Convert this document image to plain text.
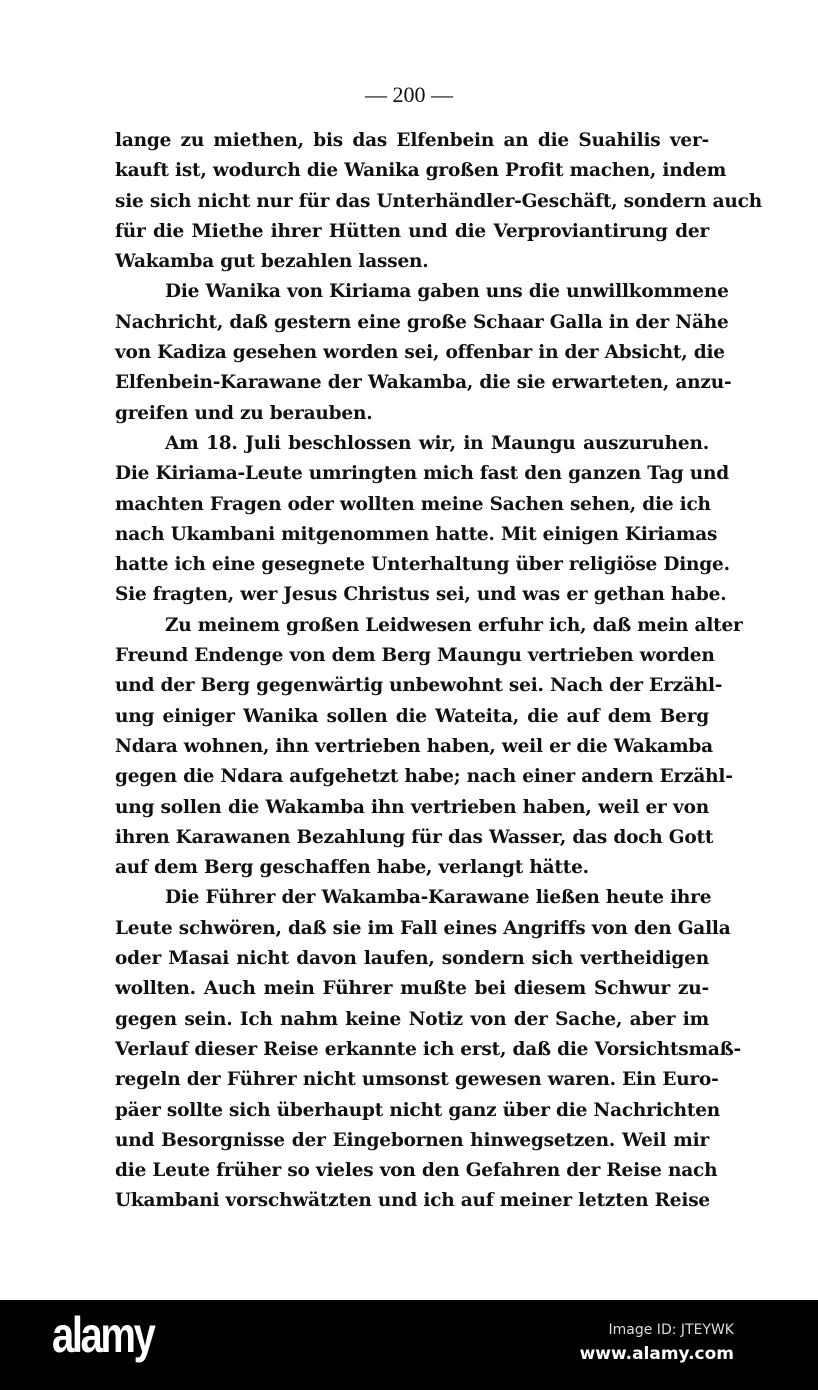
— 200 —
lange zu miethen, bis das Elfenbein an die Suahilis ver-
kauft ist, wodurch die Wanika großen Profit machen, indem
sie sich nicht nur für das Unterhändler-Geschäft, sondern auch
für die Miethe ihrer Hütten und die Verproviantirung der
Wakamba gut bezahlen lassen.
Die Wanika von Kiriama gaben uns die unwillkommene
Nachricht, daß gestern eine große Schaar Galla in der Nähe
von Kadiza gesehen worden sei, offenbar in der Absicht, die
Elfenbein-Karawane der Wakamba, die sie erwarteten, anzu-
greifen und zu berauben.
Am 18. Juli beschlossen wir, in Maungu auszuruhen.
Die Kiriama-Leute umringten mich fast den ganzen Tag und
machten Fragen oder wollten meine Sachen sehen, die ich
nach Ukambani mitgenommen hatte. Mit einigen Kiriamas
hatte ich eine gesegnete Unterhaltung über religiöse Dinge.
Sie fragten, wer Jesus Christus sei, und was er gethan habe.
Zu meinem großen Leidwesen erfuhr ich, daß mein alter
Freund Endenge von dem Berg Maungu vertrieben worden
und der Berg gegenwärtig unbewohnt sei. Nach der Erzähl-
ung einiger Wanika sollen die Wateita, die auf dem Berg
Ndara wohnen, ihn vertrieben haben, weil er die Wakamba
gegen die Ndara aufgehetzt habe; nach einer andern Erzähl-
ung sollen die Wakamba ihn vertrieben haben, weil er von
ihren Karawanen Bezahlung für das Wasser, das doch Gott
auf dem Berg geschaffen habe, verlangt hätte.
Die Führer der Wakamba-Karawane ließen heute ihre
Leute schwören, daß sie im Fall eines Angriffs von den Galla
oder Masai nicht davon laufen, sondern sich vertheidigen
wollten. Auch mein Führer mußte bei diesem Schwur zu-
gegen sein. Ich nahm keine Notiz von der Sache, aber im
Verlauf dieser Reise erkannte ich erst, daß die Vorsichtsmaß-
regeln der Führer nicht umsonst gewesen waren. Ein Euro-
päer sollte sich überhaupt nicht ganz über die Nachrichten
und Besorgnisse der Eingebornen hinwegsetzen. Weil mir
die Leute früher so vieles von den Gefahren der Reise nach
Ukambani vorschwätzten und ich auf meiner letzten Reise
alamy	Image ID: JTEYWK
www.alamy.com
